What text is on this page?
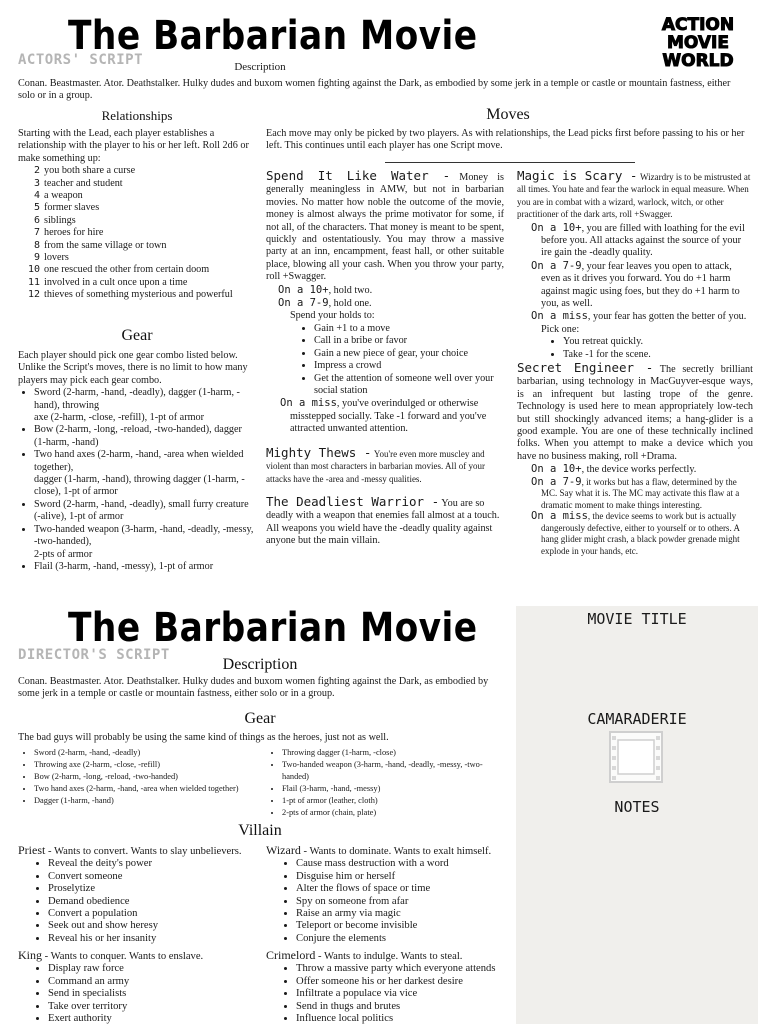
The Barbarian Movie
ACTORS' SCRIPT
ACTION
MOVIE
WORLD
Description
Conan. Beastmaster. Ator. Deathstalker. Hulky dudes and buxom women fighting against the Dark, as embodied by some jerk in a temple or castle or mountain fastness, either solo or in a group.
Relationships
Starting with the Lead, each player establishes a relationship with the player to his or her left. Roll 2d6 or make something up:
2 you both share a curse
3 teacher and student
4 a weapon
5 former slaves
6 siblings
7 heroes for hire
8 from the same village or town
9 lovers
10 one rescued the other from certain doom
11 involved in a cult once upon a time
12 thieves of something mysterious and powerful
Gear
Each player should pick one gear combo listed below. Unlike the Script's moves, there is no limit to how many players may pick each gear combo.
• Sword (2-harm, -hand, -deadly), dagger (1-harm, -hand), throwing
axe (2-harm, -close, -refill), 1-pt of armor
• Bow (2-harm, -long, -reload, -two-handed), dagger (1-harm, -hand)
• Two hand axes (2-harm, -hand, -area when wielded together),
dagger (1-harm, -hand), throwing dagger (1-harm, -close), 1-pt of armor
• Sword (2-harm, -hand, -deadly), small furry creature (-alive), 1-pt of armor
• Two-handed weapon (3-harm, -hand, -deadly, -messy, -two-handed),
2-pts of armor
• Flail (3-harm, -hand, -messy), 1-pt of armor
Moves
Each move may only be picked by two players. As with relationships, the Lead picks first before passing to his or her left. This continues until each player has one Script move.
Spend It Like Water - Money is generally meaningless in AMW, but not in barbarian movies. No matter how noble the outcome of the movie, money is almost always the prime motivator for some, if not all, of the characters. That money is meant to be spent, quickly and ostentatiously. You may throw a massive party at an inn, encampment, feast hall, or other suitable place, blowing all your cash. When you throw your party, roll +Swagger.
On a 10+, hold two.
On a 7-9, hold one.
Spend your holds to:
• Gain +1 to a move
• Call in a bribe or favor
• Gain a new piece of gear, your choice
• Impress a crowd
• Get the attention of someone well over your social station
On a miss, you've overindulged or otherwise misstepped socially. Take -1 forward and you've attracted unwanted attention.
Mighty Thews - You're even more muscley and violent than most characters in barbarian movies. All of your attacks have the -area and -messy qualities.
The Deadliest Warrior - You are so deadly with a weapon that enemies fall almost at a touch. All weapons you wield have the -deadly quality against anyone but the main villain.
Magic is Scary - Wizardry is to be mistrusted at all times. You hate and fear the warlock in equal measure. When you are in combat with a wizard, warlock, witch, or other practitioner of the dark arts, roll +Swagger.
On a 10+, you are filled with loathing for the evil before you. All attacks against the source of your ire gain the -deadly quality.
On a 7-9, your fear leaves you open to attack, even as it drives you forward. You do +1 harm against magic using foes, but they do +1 harm to you, as well.
On a miss, your fear has gotten the better of you.
Pick one:
• You retreat quickly.
• Take -1 for the scene.
Secret Engineer - The secretly brilliant barbarian, using technology in MacGuyver-esque ways, is an infrequent but lasting trope of the genre. Technology is used here to mean appropriately low-tech but still shockingly advanced items; a hang-glider is a good example. You are one of these technically inclined folks. When you attempt to make a device which you have no business making, roll +Drama.
On a 10+, the device works perfectly.
On a 7-9, it works but has a flaw, determined by the MC. Say what it is. The MC may activate this flaw at a dramatic moment to make things interesting.
On a miss, the device seems to work but is actually dangerously defective, either to yourself or to others. A hang glider might crash, a black powder grenade might explode in your hands, etc.
The Barbarian Movie
DIRECTOR'S SCRIPT
Description
Conan. Beastmaster. Ator. Deathstalker. Hulky dudes and buxom women fighting against the Dark, as embodied by some jerk in a temple or castle or mountain fastness, either solo or in a group.
Gear
The bad guys will probably be using the same kind of things as the heroes, just not as well.
• Sword (2-harm, -hand, -deadly)
• Throwing axe (2-harm, -close, -refill)
• Bow (2-harm, -long, -reload, -two-handed)
• Two hand axes (2-harm, -hand, -area when wielded together)
• Dagger (1-harm, -hand)
• Throwing dagger (1-harm, -close)
• Two-handed weapon (3-harm, -hand, -deadly, -messy, -two-handed)
• Flail (3-harm, -hand, -messy)
• 1-pt of armor (leather, cloth)
• 2-pts of armor (chain, plate)
Villain
Priest - Wants to convert. Wants to slay unbelievers.
• Reveal the deity's power
• Convert someone
• Proselytize
• Demand obedience
• Convert a population
• Seek out and show heresy
• Reveal his or her insanity
Wizard - Wants to dominate. Wants to exalt himself.
• Cause mass destruction with a word
• Disguise him or herself
• Alter the flows of space or time
• Spy on someone from afar
• Raise an army via magic
• Teleport or become invisible
• Conjure the elements
King - Wants to conquer. Wants to enslave.
• Display raw force
• Command an army
• Send in specialists
• Take over territory
• Exert authority
Crimelord - Wants to indulge. Wants to steal.
• Throw a massive party which everyone attends
• Offer someone his or her darkest desire
• Infiltrate a populace via vice
• Send in thugs and brutes
• Influence local politics
MOVIE TITLE
CAMARADERIE
NOTES
